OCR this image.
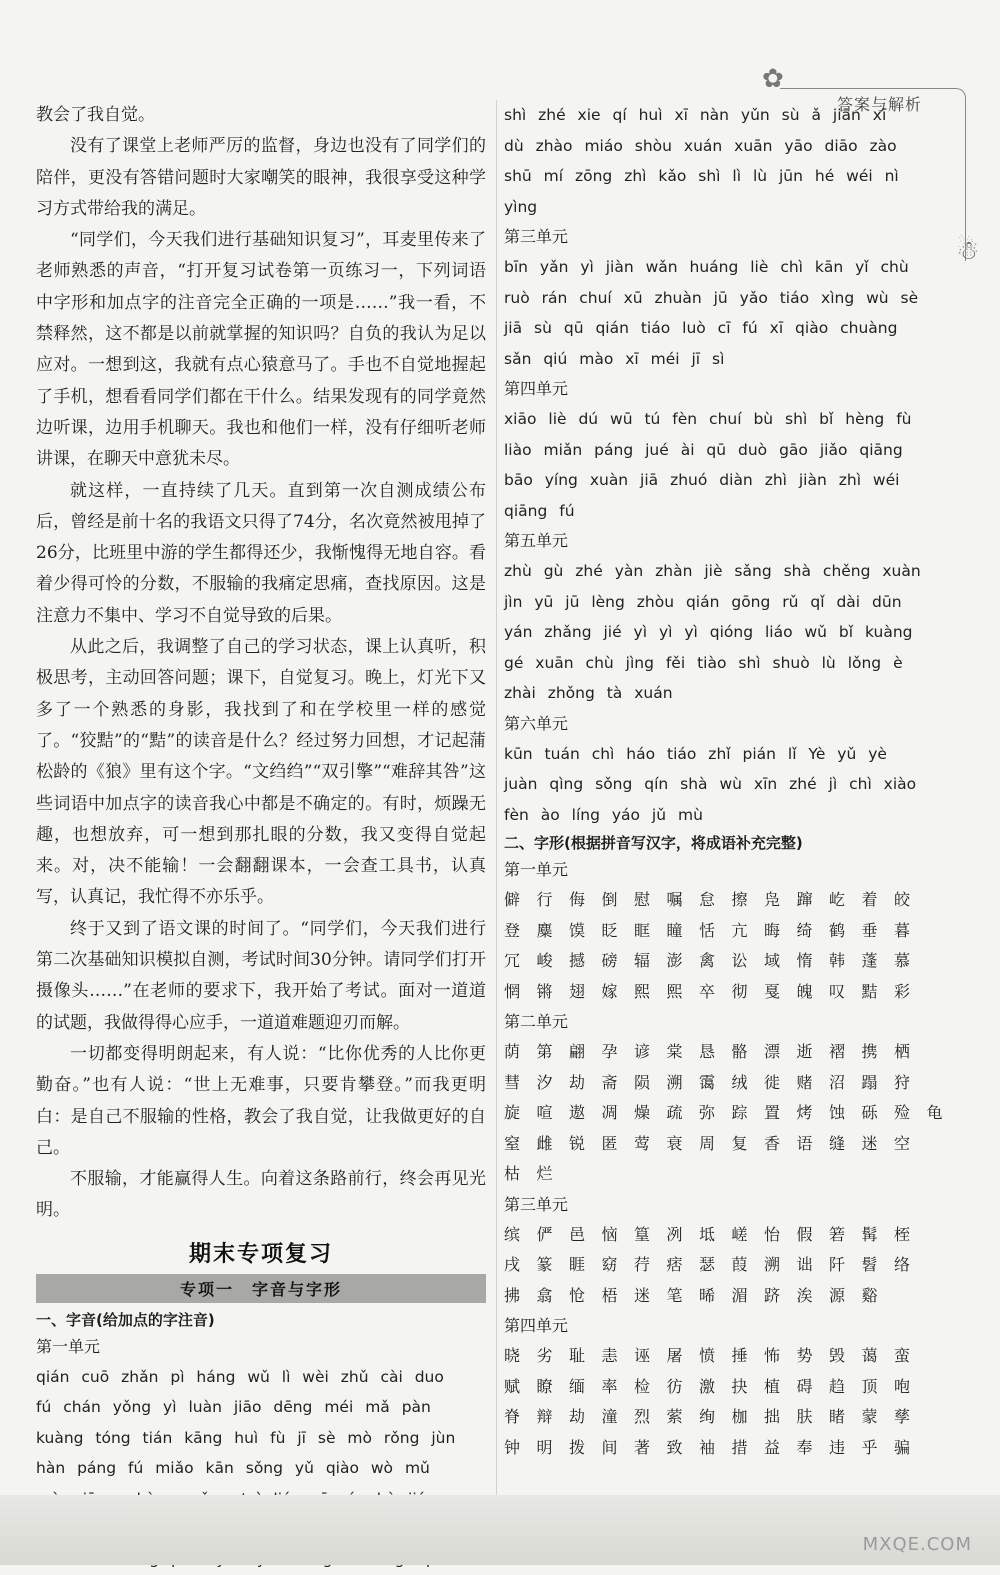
✿
答案与解析
☃

教会了我自觉。

没有了课堂上老师严厉的监督，身边也没有了同学们的陪伴，更没有答错问题时大家嘲笑的眼神，我很享受这种学习方式带给我的满足。

“同学们，今天我们进行基础知识复习”，耳麦里传来了老师熟悉的声音，“打开复习试卷第一页练习一，下列词语中字形和加点字的注音完全正确的一项是……”我一看，不禁释然，这不都是以前就掌握的知识吗？自负的我认为足以应对。一想到这，我就有点心猿意马了。手也不自觉地握起了手机，想看看同学们都在干什么。结果发现有的同学竟然边听课，边用手机聊天。我也和他们一样，没有仔细听老师讲课，在聊天中意犹未尽。

就这样，一直持续了几天。直到第一次自测成绩公布后，曾经是前十名的我语文只得了74分，名次竟然被甩掉了26分，比班里中游的学生都得还少，我惭愧得无地自容。看着少得可怜的分数，不服输的我痛定思痛，查找原因。这是注意力不集中、学习不自觉导致的后果。

从此之后，我调整了自己的学习状态，课上认真听，积极思考，主动回答问题；课下，自觉复习。晚上，灯光下又多了一个熟悉的身影，我找到了和在学校里一样的感觉了。“狡黠”的“黠”的读音是什么？经过努力回想，才记起蒲松龄的《狼》里有这个字。“文绉绉”“双引擎”“难辞其咎”这些词语中加点字的读音我心中都是不确定的。有时，烦躁无趣，也想放弃，可一想到那扎眼的分数，我又变得自觉起来。对，决不能输！一会翻翻课本，一会查工具书，认真写，认真记，我忙得不亦乐乎。

终于又到了语文课的时间了。“同学们，今天我们进行第二次基础知识模拟自测，考试时间30分钟。请同学们打开摄像头……”在老师的要求下，我开始了考试。面对一道道的试题，我做得得心应手，一道道难题迎刃而解。

一切都变得明朗起来，有人说：“比你优秀的人比你更勤奋。”也有人说：“世上无难事，只要肯攀登。”而我更明白：是自己不服输的性格，教会了我自觉，让我做更好的自己。

不服输，才能赢得人生。向着这条路前行，终会再见光明。

期末专项复习
专项一　字音与字形
一、字音(给加点的字注音)

第一单元

qián cuō zhǎn pì háng wǔ lì wèi zhǔ cài duo

fú chán yǒng yì luàn jiāo dēng méi mǎ pàn

kuàng tóng tián kāng huì fù jī sè mò rǒng jùn

hàn páng fú miǎo kān sǒng yǔ qiào wò mǔ

shì zhé xie qí huì xī nàn yǔn sù ǎ jiān xī

dù zhào miáo shòu xuán xuān yāo diāo zào

shū mí zōng zhì kǎo shì lì lù jūn hé wéi nì

yìng

第三单元

bīn yǎn yì jiàn wǎn huáng liè chì kān yǐ chù

ruò rán chuí xū zhuàn jū yǎo tiáo xìng wù sè

jiā sù qū qián tiáo luò cī fú xī qiào chuàng

sǎn qiú mào xī méi jī sì

第四单元

xiāo liè dú wū tú fèn chuí bù shì bǐ hèng fù

liào miǎn páng jué ài qū duò gāo jiǎo qiāng

bāo yíng xuàn jiā zhuó diàn zhì jiàn zhì wéi

qiāng fú

第五单元

zhù gù zhé yàn zhàn jiè sǎng shà chěng xuàn

jìn yū jū lèng zhòu qián gōng rǔ qǐ dài dūn

yán zhǎng jié yì yì yì qióng liáo wǔ bǐ kuàng

gé xuān chù jìng fěi tiào shì shuò lù lǒng è

zhài zhǒng tà xuán

第六单元

kūn tuán chì háo tiáo zhǐ pián lǐ Yè yǔ yè

juàn qìng sǒng qín shà wù xīn zhé jì chì xiào

fèn ào líng yáo jǔ mù

二、字形(根据拼音写汉字，将成语补充完整)

第一单元

僻行侮倒慰嘱怠擦凫蹿屹着皎

登麋馍眨眶瞳恬亢晦绮鹤垂暮

冗峻撼磅辐澎禽讼域惰韩蓬慕

惘锵翅嫁熙熙卒彻戛魄叹黠彩

第二单元

荫第翩孕谚棠恳骼漂逝褶携栖

彗汐劫斋陨溯霭绒徙赌沼蹋狩

旋喧遨凋燥疏弥踪置烤蚀砾殓龟

窒雌锐匿莺衰周复香语缝迷空

枯烂

第三单元

缤俨邑恼篁冽坻嵯怡假箬髯桎

戌篆睚窈荇痞瑟葭溯诎阡髫络

拂翕怆梧迷笔晞湄跻涘源谿

第四单元

晓劣耻恚诬屠愤捶怖势毁蔼蛮

赋瞭缅率检彷激抉植碍趋顶咆

脊辩劫潼烈萦绚枷拙肤睹蒙孳

钟明拨间著致袖措益奉违乎骗

MXQE.COM
